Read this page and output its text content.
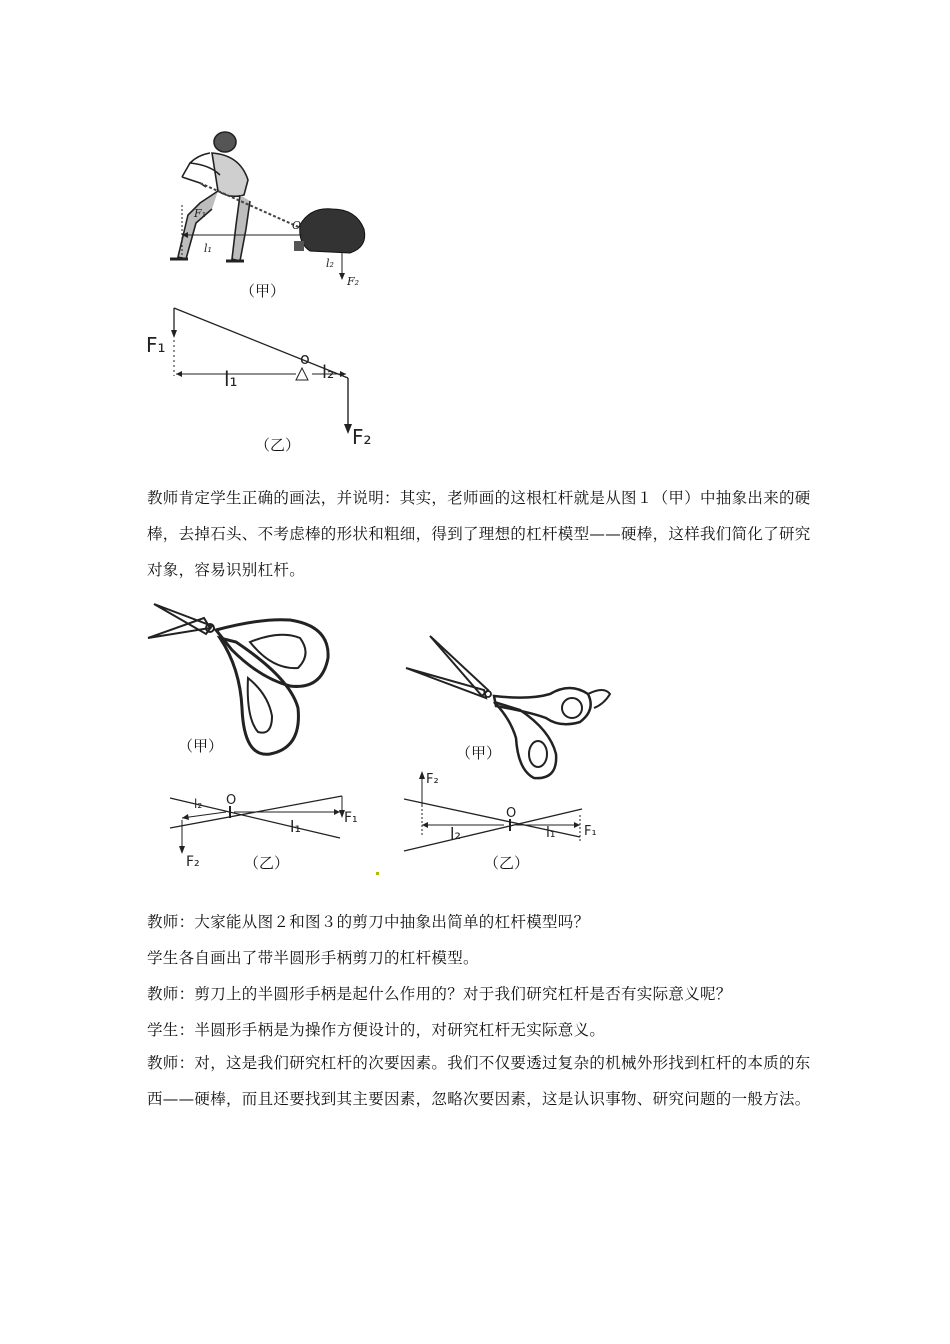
F₁
l₁
O
l₂
F₂
（甲）
F₁
l₁
o
l₂
F₂
（乙）
教师肯定学生正确的画法，并说明：其实，老师画的这根杠杆就是从图１（甲）中抽象出来的硬棒，去掉石头、不考虑棒的形状和粗细，得到了理想的杠杆模型——硬棒，这样我们简化了研究对象，容易识别杠杆。
（甲）
O
l₂
l₁	F₁
F₂	（乙）
（甲）
F₂
O
l₂	l₁ F₁
（乙）
教师：大家能从图２和图３的剪刀中抽象出简单的杠杆模型吗？
学生各自画出了带半圆形手柄剪刀的杠杆模型。
教师：剪刀上的半圆形手柄是起什么作用的？对于我们研究杠杆是否有实际意义呢？
学生：半圆形手柄是为操作方便设计的，对研究杠杆无实际意义。
教师：对，这是我们研究杠杆的次要因素。我们不仅要透过复杂的机械外形找到杠杆的本质的东西——硬棒，而且还要找到其主要因素，忽略次要因素，这是认识事物、研究问题的一般方法。
